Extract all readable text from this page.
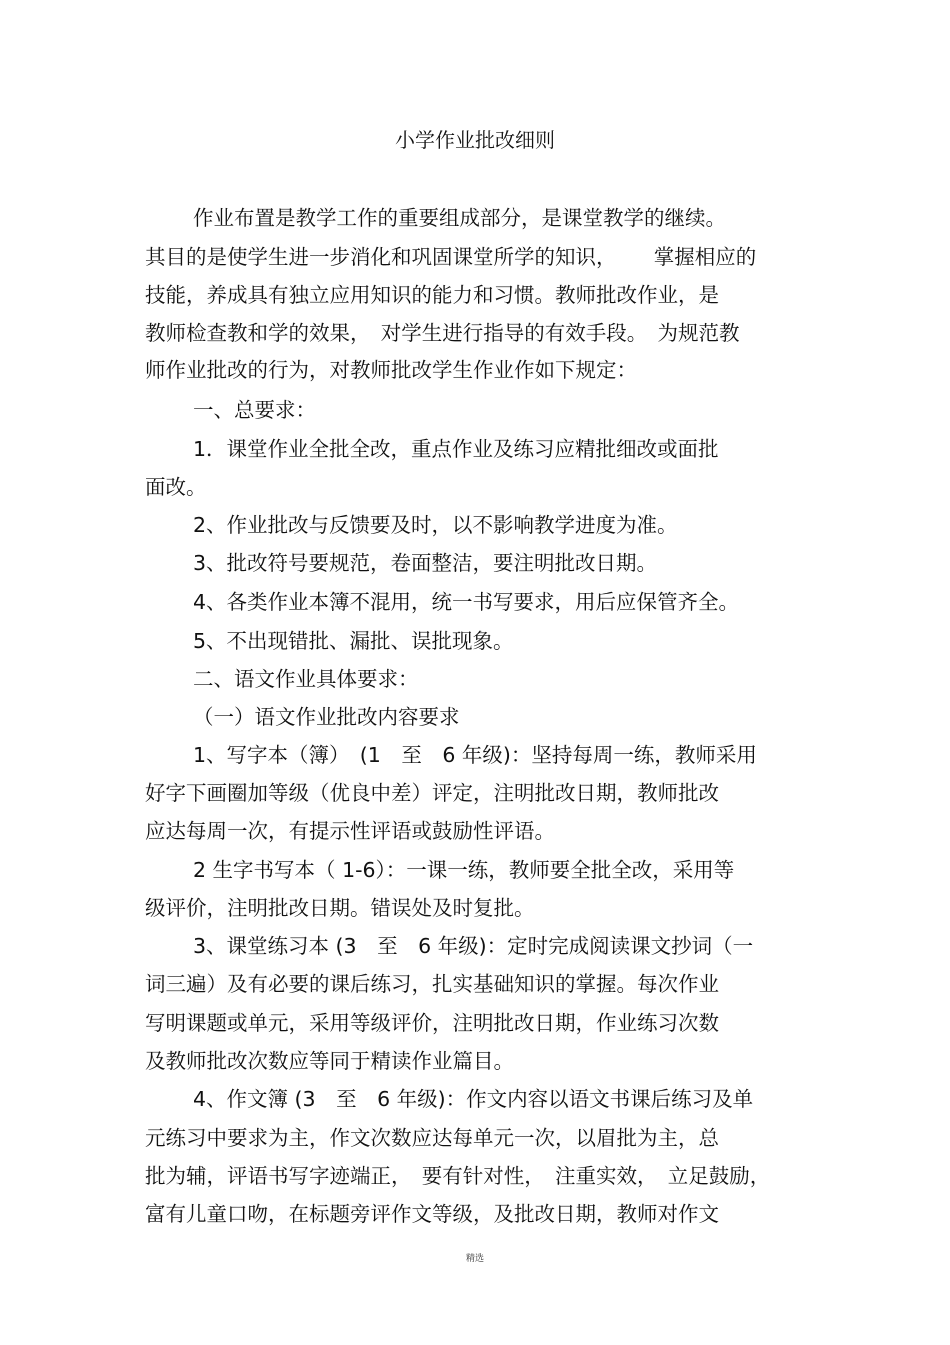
小学作业批改细则
作业布置是教学工作的重要组成部分，是课堂教学的继续。
其目的是使学生进一步消化和巩固课堂所学的知识，　　 掌握相应的
技能，养成具有独立应用知识的能力和习惯。教师批改作业，是
教师检查教和学的效果，　对学生进行指导的有效手段。　为规范教
师作业批改的行为，对教师批改学生作业作如下规定：
一、总要求：
1．课堂作业全批全改，重点作业及练习应精批细改或面批
面改。
2、作业批改与反馈要及时，以不影响教学进度为准。
3、批改符号要规范，卷面整洁，要注明批改日期。
4、各类作业本簿不混用，统一书写要求，用后应保管齐全。
5、不出现错批、漏批、误批现象。
二、语文作业具体要求：
（一）语文作业批改内容要求
1、写字本（簿）　(1　至　6 年级)：坚持每周一练，教师采用
好字下画圈加等级（优良中差）评定，注明批改日期，教师批改
应达每周一次，有提示性评语或鼓励性评语。
2 生字书写本（ 1-6）：一课一练，教师要全批全改，采用等
级评价，注明批改日期。错误处及时复批。
3、课堂练习本 (3　至　6 年级)：定时完成阅读课文抄词（一
词三遍）及有必要的课后练习，扎实基础知识的掌握。每次作业
写明课题或单元，采用等级评价，注明批改日期，作业练习次数
及教师批改次数应等同于精读作业篇目。
4、作文簿 (3　至　6 年级)：作文内容以语文书课后练习及单
元练习中要求为主，作文次数应达每单元一次，以眉批为主，总
批为辅，评语书写字迹端正，　要有针对性，　注重实效，　立足鼓励，
富有儿童口吻，在标题旁评作文等级，及批改日期，教师对作文
精选
